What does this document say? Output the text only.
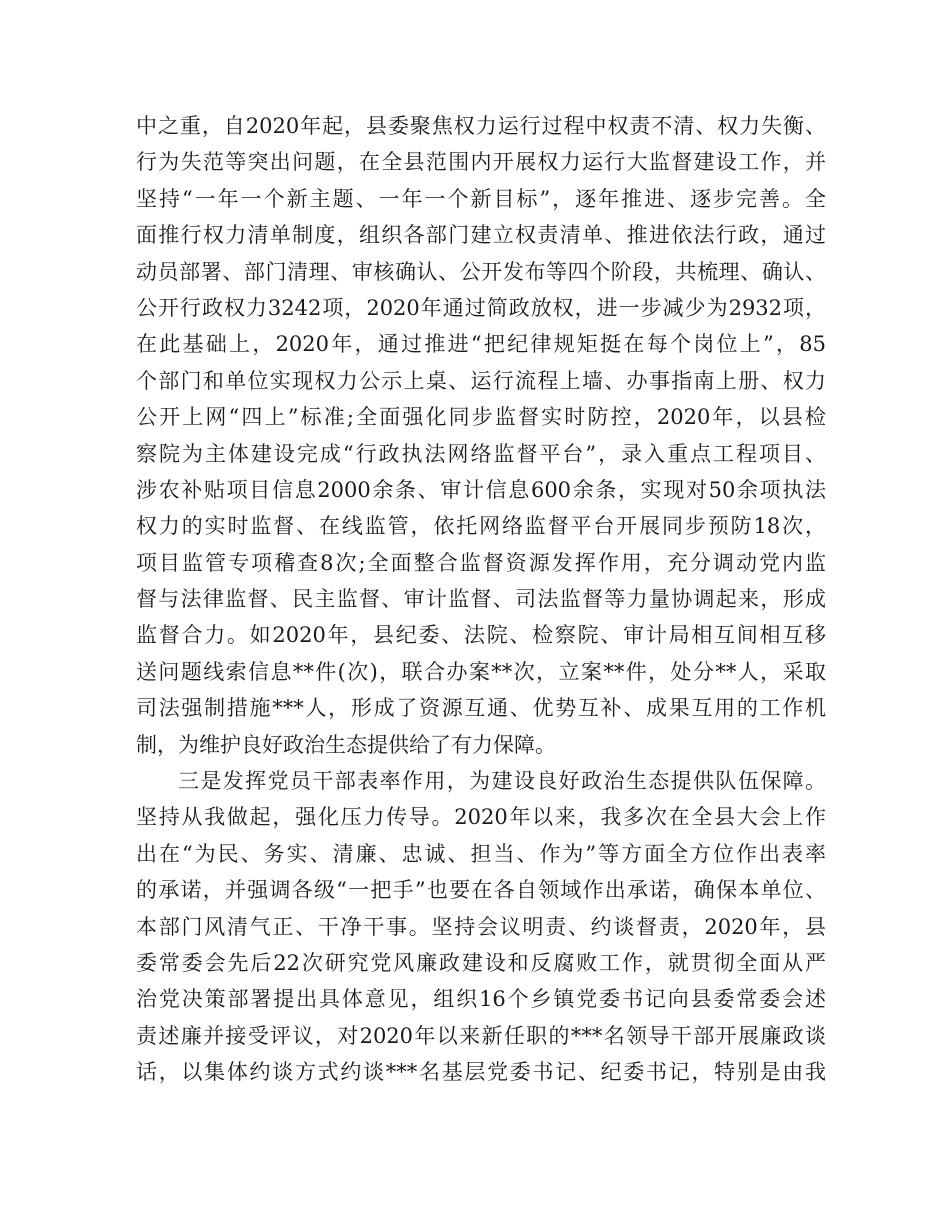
中之重，自2020年起，县委聚焦权力运行过程中权责不清、权力失衡、
行为失范等突出问题，在全县范围内开展权力运行大监督建设工作，并
坚持“一年一个新主题、一年一个新目标”，逐年推进、逐步完善。全
面推行权力清单制度，组织各部门建立权责清单、推进依法行政，通过
动员部署、部门清理、审核确认、公开发布等四个阶段，共梳理、确认、
公开行政权力3242项，2020年通过简政放权，进一步减少为2932项，
在此基础上，2020年，通过推进“把纪律规矩挺在每个岗位上”，85
个部门和单位实现权力公示上桌、运行流程上墙、办事指南上册、权力
公开上网“四上”标准;全面强化同步监督实时防控，2020年，以县检
察院为主体建设完成“行政执法网络监督平台”，录入重点工程项目、
涉农补贴项目信息2000余条、审计信息600余条，实现对50余项执法
权力的实时监督、在线监管，依托网络监督平台开展同步预防18次，
项目监管专项稽查8次;全面整合监督资源发挥作用，充分调动党内监
督与法律监督、民主监督、审计监督、司法监督等力量协调起来，形成
监督合力。如2020年，县纪委、法院、检察院、审计局相互间相互移
送问题线索信息**件(次)，联合办案**次，立案**件，处分**人，采取
司法强制措施***人，形成了资源互通、优势互补、成果互用的工作机
制，为维护良好政治生态提供给了有力保障。
三是发挥党员干部表率作用，为建设良好政治生态提供队伍保障。
坚持从我做起，强化压力传导。2020年以来，我多次在全县大会上作
出在“为民、务实、清廉、忠诚、担当、作为”等方面全方位作出表率
的承诺，并强调各级“一把手”也要在各自领域作出承诺，确保本单位、
本部门风清气正、干净干事。坚持会议明责、约谈督责，2020年，县
委常委会先后22次研究党风廉政建设和反腐败工作，就贯彻全面从严
治党决策部署提出具体意见，组织16个乡镇党委书记向县委常委会述
责述廉并接受评议，对2020年以来新任职的***名领导干部开展廉政谈
话，以集体约谈方式约谈***名基层党委书记、纪委书记，特别是由我
